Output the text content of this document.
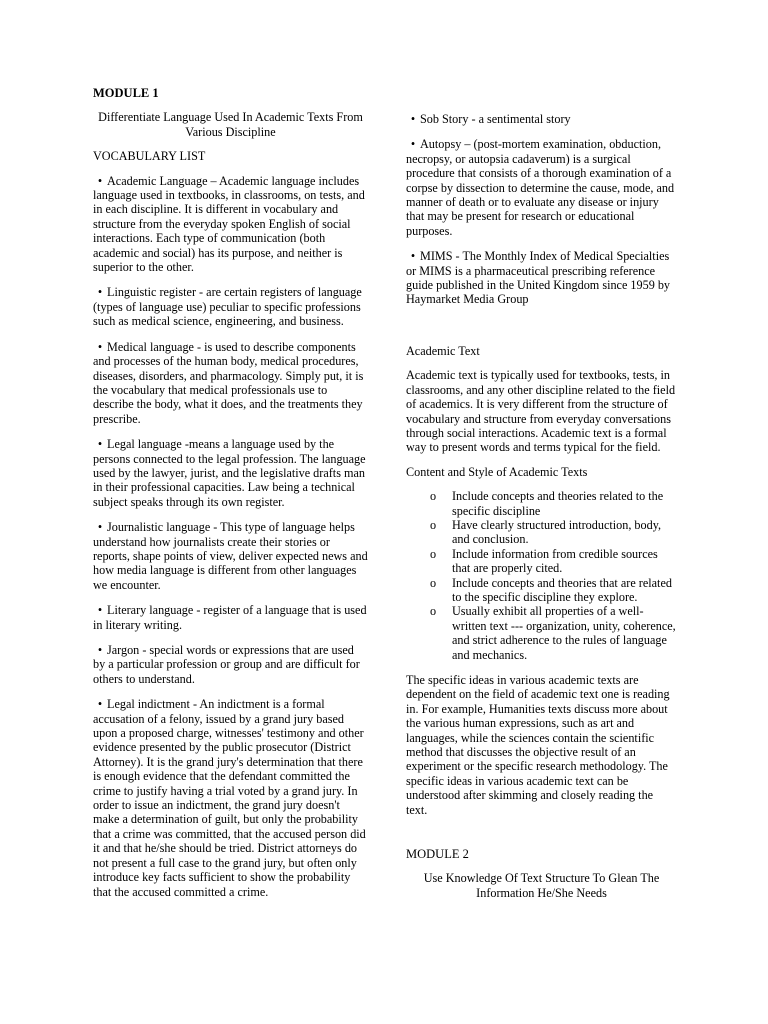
MODULE 1
Differentiate Language Used In Academic Texts From Various Discipline
VOCABULARY LIST
• Academic Language – Academic language includes language used in textbooks, in classrooms, on tests, and in each discipline. It is different in vocabulary and structure from the everyday spoken English of social interactions. Each type of communication (both academic and social) has its purpose, and neither is superior to the other.
• Linguistic register - are certain registers of language (types of language use) peculiar to specific professions such as medical science, engineering, and business.
• Medical language - is used to describe components and processes of the human body, medical procedures, diseases, disorders, and pharmacology. Simply put, it is the vocabulary that medical professionals use to describe the body, what it does, and the treatments they prescribe.
• Legal language -means a language used by the persons connected to the legal profession. The language used by the lawyer, jurist, and the legislative drafts man in their professional capacities. Law being a technical subject speaks through its own register.
• Journalistic language - This type of language helps understand how journalists create their stories or reports, shape points of view, deliver expected news and how media language is different from other languages we encounter.
• Literary language - register of a language that is used in literary writing.
• Jargon - special words or expressions that are used by a particular profession or group and are difficult for others to understand.
• Legal indictment - An indictment is a formal accusation of a felony, issued by a grand jury based upon a proposed charge, witnesses' testimony and other evidence presented by the public prosecutor (District Attorney). It is the grand jury's determination that there is enough evidence that the defendant committed the crime to justify having a trial voted by a grand jury. In order to issue an indictment, the grand jury doesn't make a determination of guilt, but only the probability that a crime was committed, that the accused person did it and that he/she should be tried. District attorneys do not present a full case to the grand jury, but often only introduce key facts sufficient to show the probability that the accused committed a crime.
• Sob Story - a sentimental story
• Autopsy – (post-mortem examination, obduction, necropsy, or autopsia cadaverum) is a surgical procedure that consists of a thorough examination of a corpse by dissection to determine the cause, mode, and manner of death or to evaluate any disease or injury that may be present for research or educational purposes.
• MIMS - The Monthly Index of Medical Specialties or MIMS is a pharmaceutical prescribing reference guide published in the United Kingdom since 1959 by Haymarket Media Group
Academic Text
Academic text is typically used for textbooks, tests, in classrooms, and any other discipline related to the field of academics. It is very different from the structure of vocabulary and structure from everyday conversations through social interactions. Academic text is a formal way to present words and terms typical for the field.
Content and Style of Academic Texts
o Include concepts and theories related to the specific discipline
o Have clearly structured introduction, body, and conclusion.
o Include information from credible sources that are properly cited.
o Include concepts and theories that are related to the specific discipline they explore.
o Usually exhibit all properties of a well-written text --- organization, unity, coherence, and strict adherence to the rules of language and mechanics.
The specific ideas in various academic texts are dependent on the field of academic text one is reading in. For example, Humanities texts discuss more about the various human expressions, such as art and languages, while the sciences contain the scientific method that discusses the objective result of an experiment or the specific research methodology. The specific ideas in various academic text can be understood after skimming and closely reading the text.
MODULE 2
Use Knowledge Of Text Structure To Glean The Information He/She Needs
